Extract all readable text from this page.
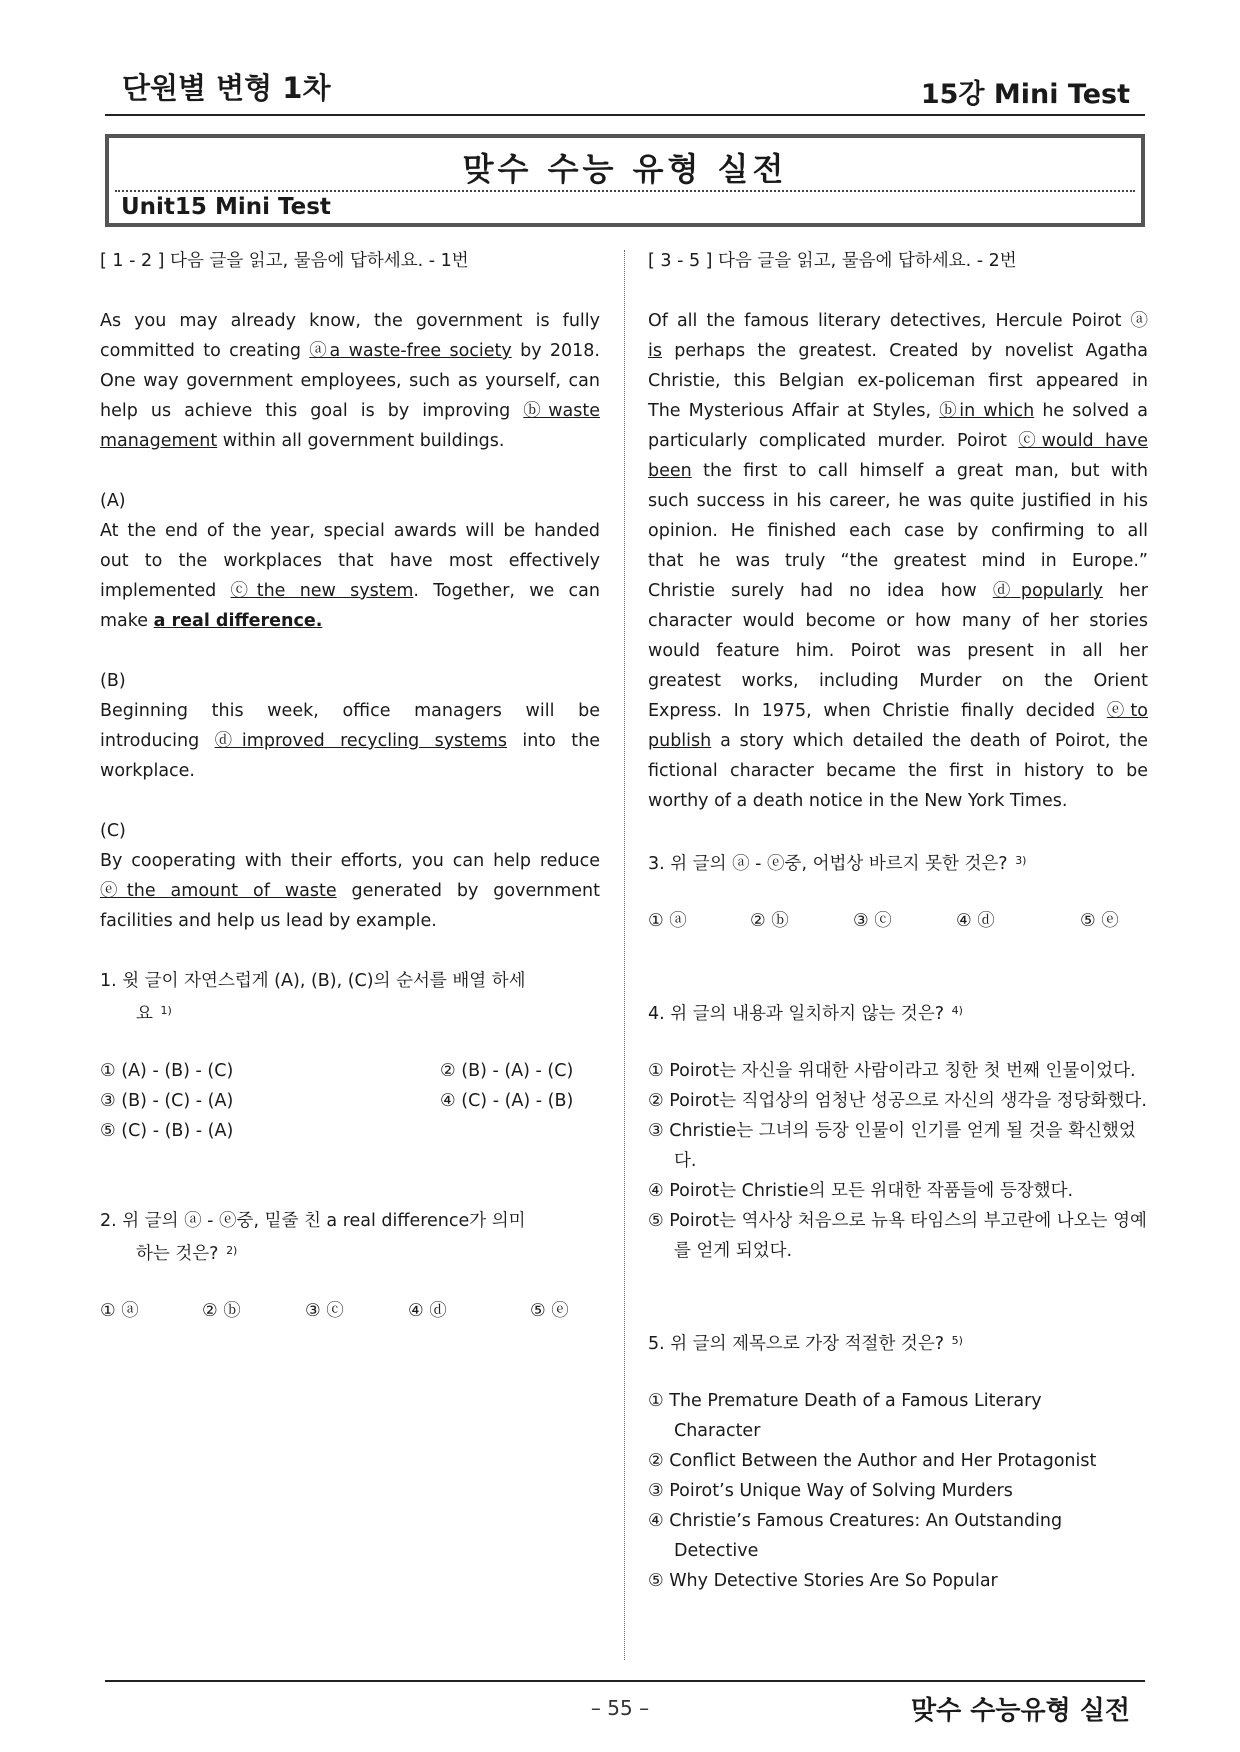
단원별 변형 1차	15강 Mini Test
맞수 수능 유형 실전
Unit15 Mini Test
[ 1 - 2 ] 다음 글을 읽고, 물음에 답하세요. - 1번
As you may already know, the government is fully
committed to creating ⓐa waste-free society by 2018.
One way government employees, such as yourself, can
help us achieve this goal is by improving ⓑwaste
management within all government buildings.
(A)
At the end of the year, special awards will be handed
out to the workplaces that have most effectively
implemented ⓒthe new system. Together, we can
make a real difference.
(B)
Beginning this week, office managers will be
introducing ⓓimproved recycling systems into the
workplace.
(C)
By cooperating with their efforts, you can help reduce
ⓔthe amount of waste generated by government
facilities and help us lead by example.
1. 윗 글이 자연스럽게 (A), (B), (C)의 순서를 배열 하세
요 $^{1)}$
① (A) - (B) - (C)	② (B) - (A) - (C)
③ (B) - (C) - (A)	④ (C) - (A) - (B)
⑤ (C) - (B) - (A)
2. 위 글의 ⓐ - ⓔ중, 밑줄 친 a real difference가 의미
하는 것은? $^{2)}$
① ⓐ	② ⓑ	③ ⓒ	④ ⓓ	⑤ ⓔ
[ 3 - 5 ] 다음 글을 읽고, 물음에 답하세요. - 2번
Of all the famous literary detectives, Hercule Poirot ⓐ
is perhaps the greatest. Created by novelist Agatha
Christie, this Belgian ex-policeman first appeared in
The Mysterious Affair at Styles, ⓑin which he solved a
particularly complicated murder. Poirot ⓒwould have
been the first to call himself a great man, but with
such success in his career, he was quite justified in his
opinion. He finished each case by confirming to all
that he was truly “the greatest mind in Europe.”
Christie surely had no idea how ⓓpopularly her
character would become or how many of her stories
would feature him. Poirot was present in all her
greatest works, including Murder on the Orient
Express. In 1975, when Christie finally decided ⓔto
publish a story which detailed the death of Poirot, the
fictional character became the first in history to be
worthy of a death notice in the New York Times.
3. 위 글의 ⓐ - ⓔ중, 어법상 바르지 못한 것은? $^{3)}$
① ⓐ	② ⓑ	③ ⓒ	④ ⓓ	⑤ ⓔ
4. 위 글의 내용과 일치하지 않는 것은? $^{4)}$
① Poirot는 자신을 위대한 사람이라고 칭한 첫 번째 인물이었다.
② Poirot는 직업상의 엄청난 성공으로 자신의 생각을 정당화했다.
③ Christie는 그녀의 등장 인물이 인기를 얻게 될 것을 확신했었다.
④ Poirot는 Christie의 모든 위대한 작품들에 등장했다.
⑤ Poirot는 역사상 처음으로 뉴욕 타임스의 부고란에 나오는 영예를 얻게 되었다.
5. 위 글의 제목으로 가장 적절한 것은? $^{5)}$
① The Premature Death of a Famous Literary Character
② Conflict Between the Author and Her Protagonist
③ Poirot’s Unique Way of Solving Murders
④ Christie’s Famous Creatures: An Outstanding Detective
⑤ Why Detective Stories Are So Popular
– 55 –	맞수 수능유형 실전
